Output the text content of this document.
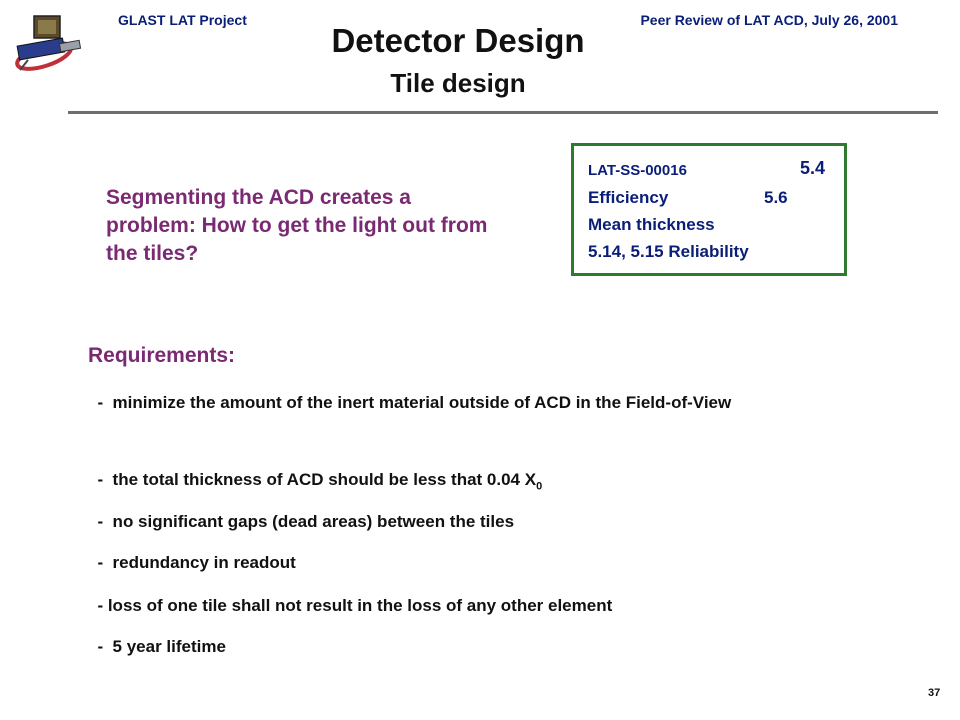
GLAST LAT Project	Peer Review of LAT ACD, July 26, 2001
Detector Design
Tile design
Segmenting the ACD creates a problem: How to get the light out from the tiles?
LAT-SS-00016	5.4
Efficiency	5.6
Mean thickness
5.14, 5.15 Reliability
Requirements:
-  minimize the amount of the inert material outside of ACD in the Field-of-View
-  the total thickness of ACD should be less that 0.04 $X_0$
-  no significant gaps (dead areas) between the tiles
-  redundancy in readout
- loss of one tile shall not result in the loss of any other element
-  5 year lifetime
37
